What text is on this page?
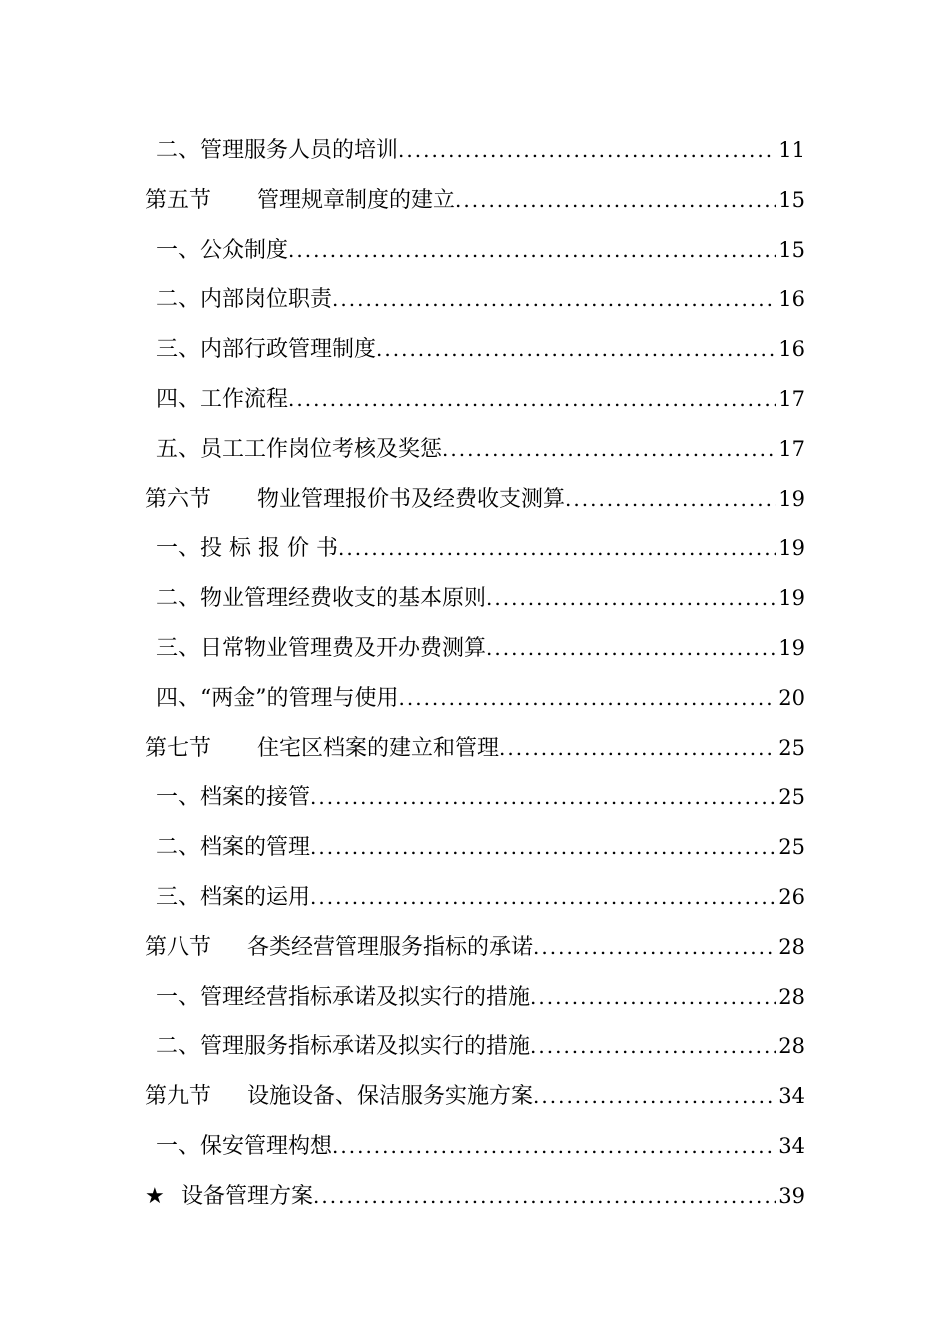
二、管理服务人员的培训 .....	11
第五节 管理规章制度的建立 .....	15
一、公众制度 .....	15
二、内部岗位职责 .....	16
三、内部行政管理制度 .....	16
四、工作流程 .....	17
五、员工工作岗位考核及奖惩 .....	17
第六节 物业管理报价书及经费收支测算 .....	19
一、投 标 报 价 书 .....	19
二、物业管理经费收支的基本原则 .....	19
三、日常物业管理费及开办费测算 .....	19
四、“两金”的管理与使用 .....	20
第七节 住宅区档案的建立和管理 .....	25
一、档案的接管 .....	25
二、档案的管理 .....	25
三、档案的运用 .....	26
第八节 各类经营管理服务指标的承诺 .....	28
一、管理经营指标承诺及拟实行的措施 .....	28
二、管理服务指标承诺及拟实行的措施 .....	28
第九节 设施设备、保洁服务实施方案 .....	34
一、保安管理构想 .....	34
★ 设备管理方案 .....	39
